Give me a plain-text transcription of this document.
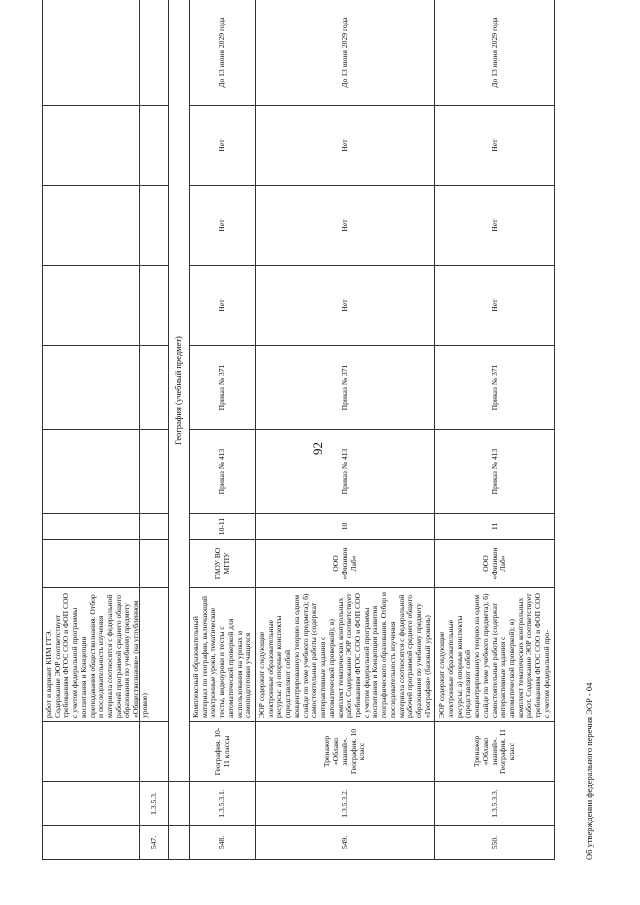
92

			работ и вариант КИМ ГГЭ. Содержание ЭОР соответствует требованиям ФГОС СОО и ФОП СОО с учетом федеральной программы воспитания и Концепции преподавания обществознания. Отбор и последовательность изучения материала соотносятся с федеральной рабочей программой среднего общего образования по учебному предмету «Обществознание» (на углубленном уровне)								

547.	1.3.5.3.										
		География (учебный предмет)									
548.	1.3.5.3.1.	География. 10-11 классы	Комплексный образовательный материал по географии, включающий электронные уроки, тематические тесты, видеоуроки и тесты с автоматической проверкой для использования на уроках и самоподготовки учащихся	ГАОУ ВО МГПУ	10-11	Приказ № 413	Приказ № 371	Нет	Нет	Нет	До 13 июня 2029 года
549.	1.3.5.3.2.	Тренажер «Облако знаний». География. 10 класс	ЭОР содержит следующие электронные образовательные ресурсы: а) опорные конспекты (представляют собой концентрированную теорию на одном слайде по теме учебного предмета); б) самостоятельные работы (содержат интерактивные задания с автоматической проверкой); в) комплект тематических контрольных работ. Содержание ЭОР соответствует требованиям ФГОС СОО и ФОП СОО с учетом федеральной программы воспитания и Концепции развития географического образования. Отбор и последовательность изучения материала соотносятся с федеральной рабочей программой среднего общего образования по учебному предмету «География» (базовый уровень)	ООО «Физикон Лаб»	10	Приказ № 413	Приказ № 371	Нет	Нет	Нет	До 13 июня 2029 года
550.	1.3.5.3.3.	Тренажер «Облако знаний». География. 11 класс	ЭОР содержит следующие электронные образовательные ресурсы: а) опорные конспекты (представляют собой концентрированную теорию на одном слайде по теме учебного предмета); б) самостоятельные работы (содержат интерактивные задания с автоматической проверкой); в) комплект тематических контрольных работ. Содержание ЭОР соответствует требованиям ФГОС СОО и ФОП СОО с учетом федеральной про-	ООО «Физикон Лаб»	11	Приказ № 413	Приказ № 371	Нет	Нет	Нет	До 13 июня 2029 года
Об утверждении федерального перечня ЭОР - 04
